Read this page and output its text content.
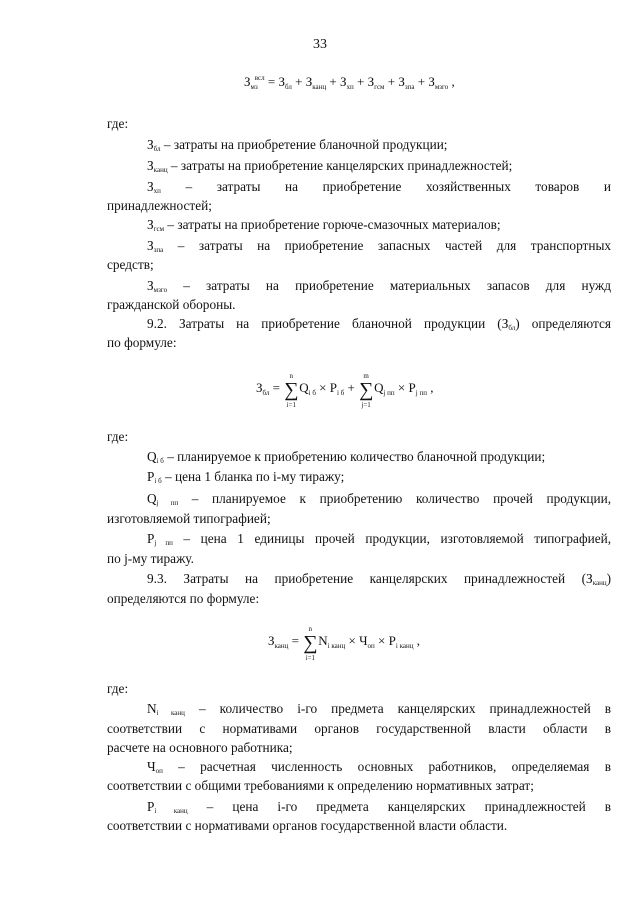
33
$З_{мз}^{всл} = З_{бл} + З_{канц} + З_{хп} + З_{гсм} + З_{зпа} + З_{мзго}$ ,
где:
$З_{бл}$ – затраты на приобретение бланочной продукции;
$З_{канц}$ – затраты на приобретение канцелярских принадлежностей;
$З_{хп}$ – затраты на приобретение хозяйственных товаров и
принадлежностей;
$З_{гсм}$ – затраты на приобретение горюче-смазочных материалов;
$З_{зпа}$ – затраты на приобретение запасных частей для транспортных
средств;
$З_{мзго}$ – затраты на приобретение материальных запасов для нужд
гражданской обороны.
9.2. Затраты на приобретение бланочной продукции $(З_{бл})$ определяются
по формуле:
$З_{бл}$ = ∑
n
i=1
$Q_{i б} \times P_{i б}$ + ∑
m
j=1
$Q_{j пп} \times P_{j пп}$ ,
где:
$Q_{i б}$ – планируемое к приобретению количество бланочной продукции;
$P_{i б}$ – цена 1 бланка по i-му тиражу;
$Q_{j пп}$ – планируемое к приобретению количество прочей продукции,
изготовляемой типографией;
$P_{j пп}$ – цена 1 единицы прочей продукции, изготовляемой типографией,
по j-му тиражу.
9.3. Затраты на приобретение канцелярских принадлежностей $(З_{канц})$
определяются по формуле:
$З_{канц}$ = ∑
n
i=1
$N_{i канц} \times Ч_{оп} \times P_{i канц}$ ,
где:
$N_{i канц}$ – количество i-го предмета канцелярских принадлежностей в
соответствии с нормативами органов государственной власти области в
расчете на основного работника;
$Ч_{оп}$ – расчетная численность основных работников, определяемая в
соответствии с общими требованиями к определению нормативных затрат;
$P_{i канц}$ – цена i-го предмета канцелярских принадлежностей в
соответствии с нормативами органов государственной власти области.
